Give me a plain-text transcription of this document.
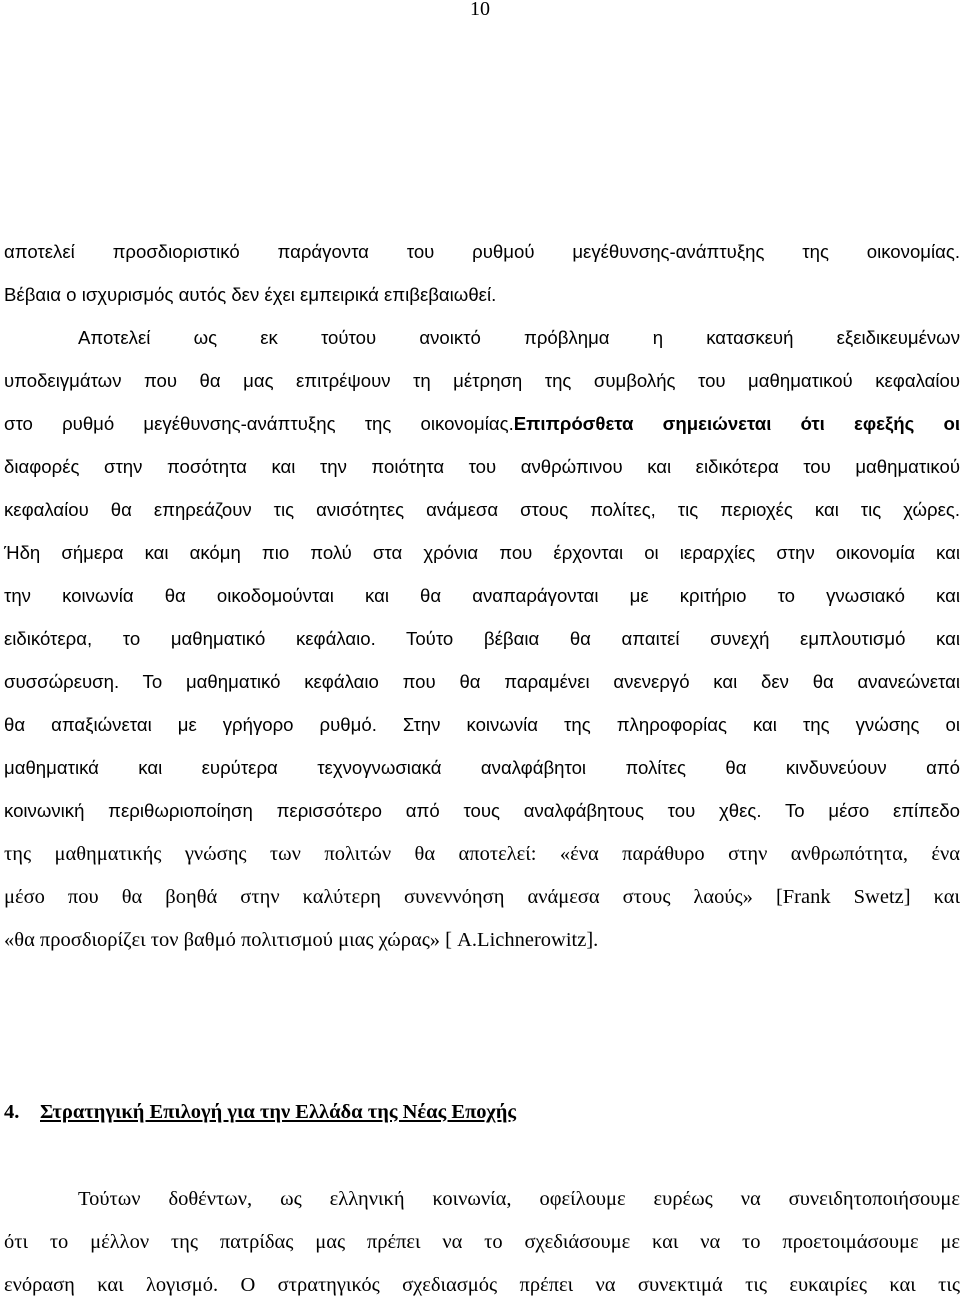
10
αποτελεί προσδιοριστικό παράγοντα του ρυθμού μεγέθυνσης-ανάπτυξης της οικονομίας.
Βέβαια ο ισχυρισμός αυτός δεν έχει εμπειρικά επιβεβαιωθεί.
Αποτελεί ως εκ τούτου ανοικτό πρόβλημα η κατασκευή εξειδικευμένων
υποδειγμάτων που θα μας επιτρέψουν τη μέτρηση της συμβολής του μαθηματικού κεφαλαίου
στο ρυθμό μεγέθυνσης-ανάπτυξης της οικονομίας.Επιπρόσθετα σημειώνεται ότι εφεξής οι
διαφορές στην ποσότητα και την ποιότητα του ανθρώπινου και ειδικότερα του μαθηματικού
κεφαλαίου θα επηρεάζουν τις ανισότητες ανάμεσα στους πολίτες, τις περιοχές και τις χώρες.
Ήδη σήμερα και ακόμη πιο πολύ στα χρόνια που έρχονται οι ιεραρχίες στην οικονομία και
την κοινωνία θα οικοδομούνται και θα αναπαράγονται με κριτήριο το γνωσιακό και
ειδικότερα, το μαθηματικό κεφάλαιο. Τούτο βέβαια θα απαιτεί συνεχή εμπλουτισμό και
συσσώρευση. Το μαθηματικό κεφάλαιο που θα παραμένει ανενεργό και δεν θα ανανεώνεται
θα απαξιώνεται με γρήγορο ρυθμό. Στην κοινωνία της πληροφορίας και της γνώσης οι
μαθηματικά και ευρύτερα τεχνογνωσιακά αναλφάβητοι πολίτες θα κινδυνεύουν από
κοινωνική περιθωριοποίηση περισσότερο από τους αναλφάβητους του χθες. Το μέσο επίπεδο
της μαθηματικής γνώσης των πολιτών θα αποτελεί: «ένα παράθυρο στην ανθρωπότητα, ένα
μέσο που θα βοηθά στην καλύτερη συνεννόηση ανάμεσα στους λαούς» [Frank Swetz] και
«θα προσδιορίζει τον βαθμό πολιτισμού μιας χώρας» [ A.Lichnerowitz].
4. Στρατηγική Επιλογή για την Ελλάδα της Νέας Εποχής
Τούτων δοθέντων, ως ελληνική κοινωνία, οφείλουμε ευρέως να συνειδητοποιήσουμε
ότι το μέλλον της πατρίδας μας πρέπει να το σχεδιάσουμε και να το προετοιμάσουμε με
ενόραση και λογισμό. Ο στρατηγικός σχεδιασμός πρέπει να συνεκτιμά τις ευκαιρίες και τις
